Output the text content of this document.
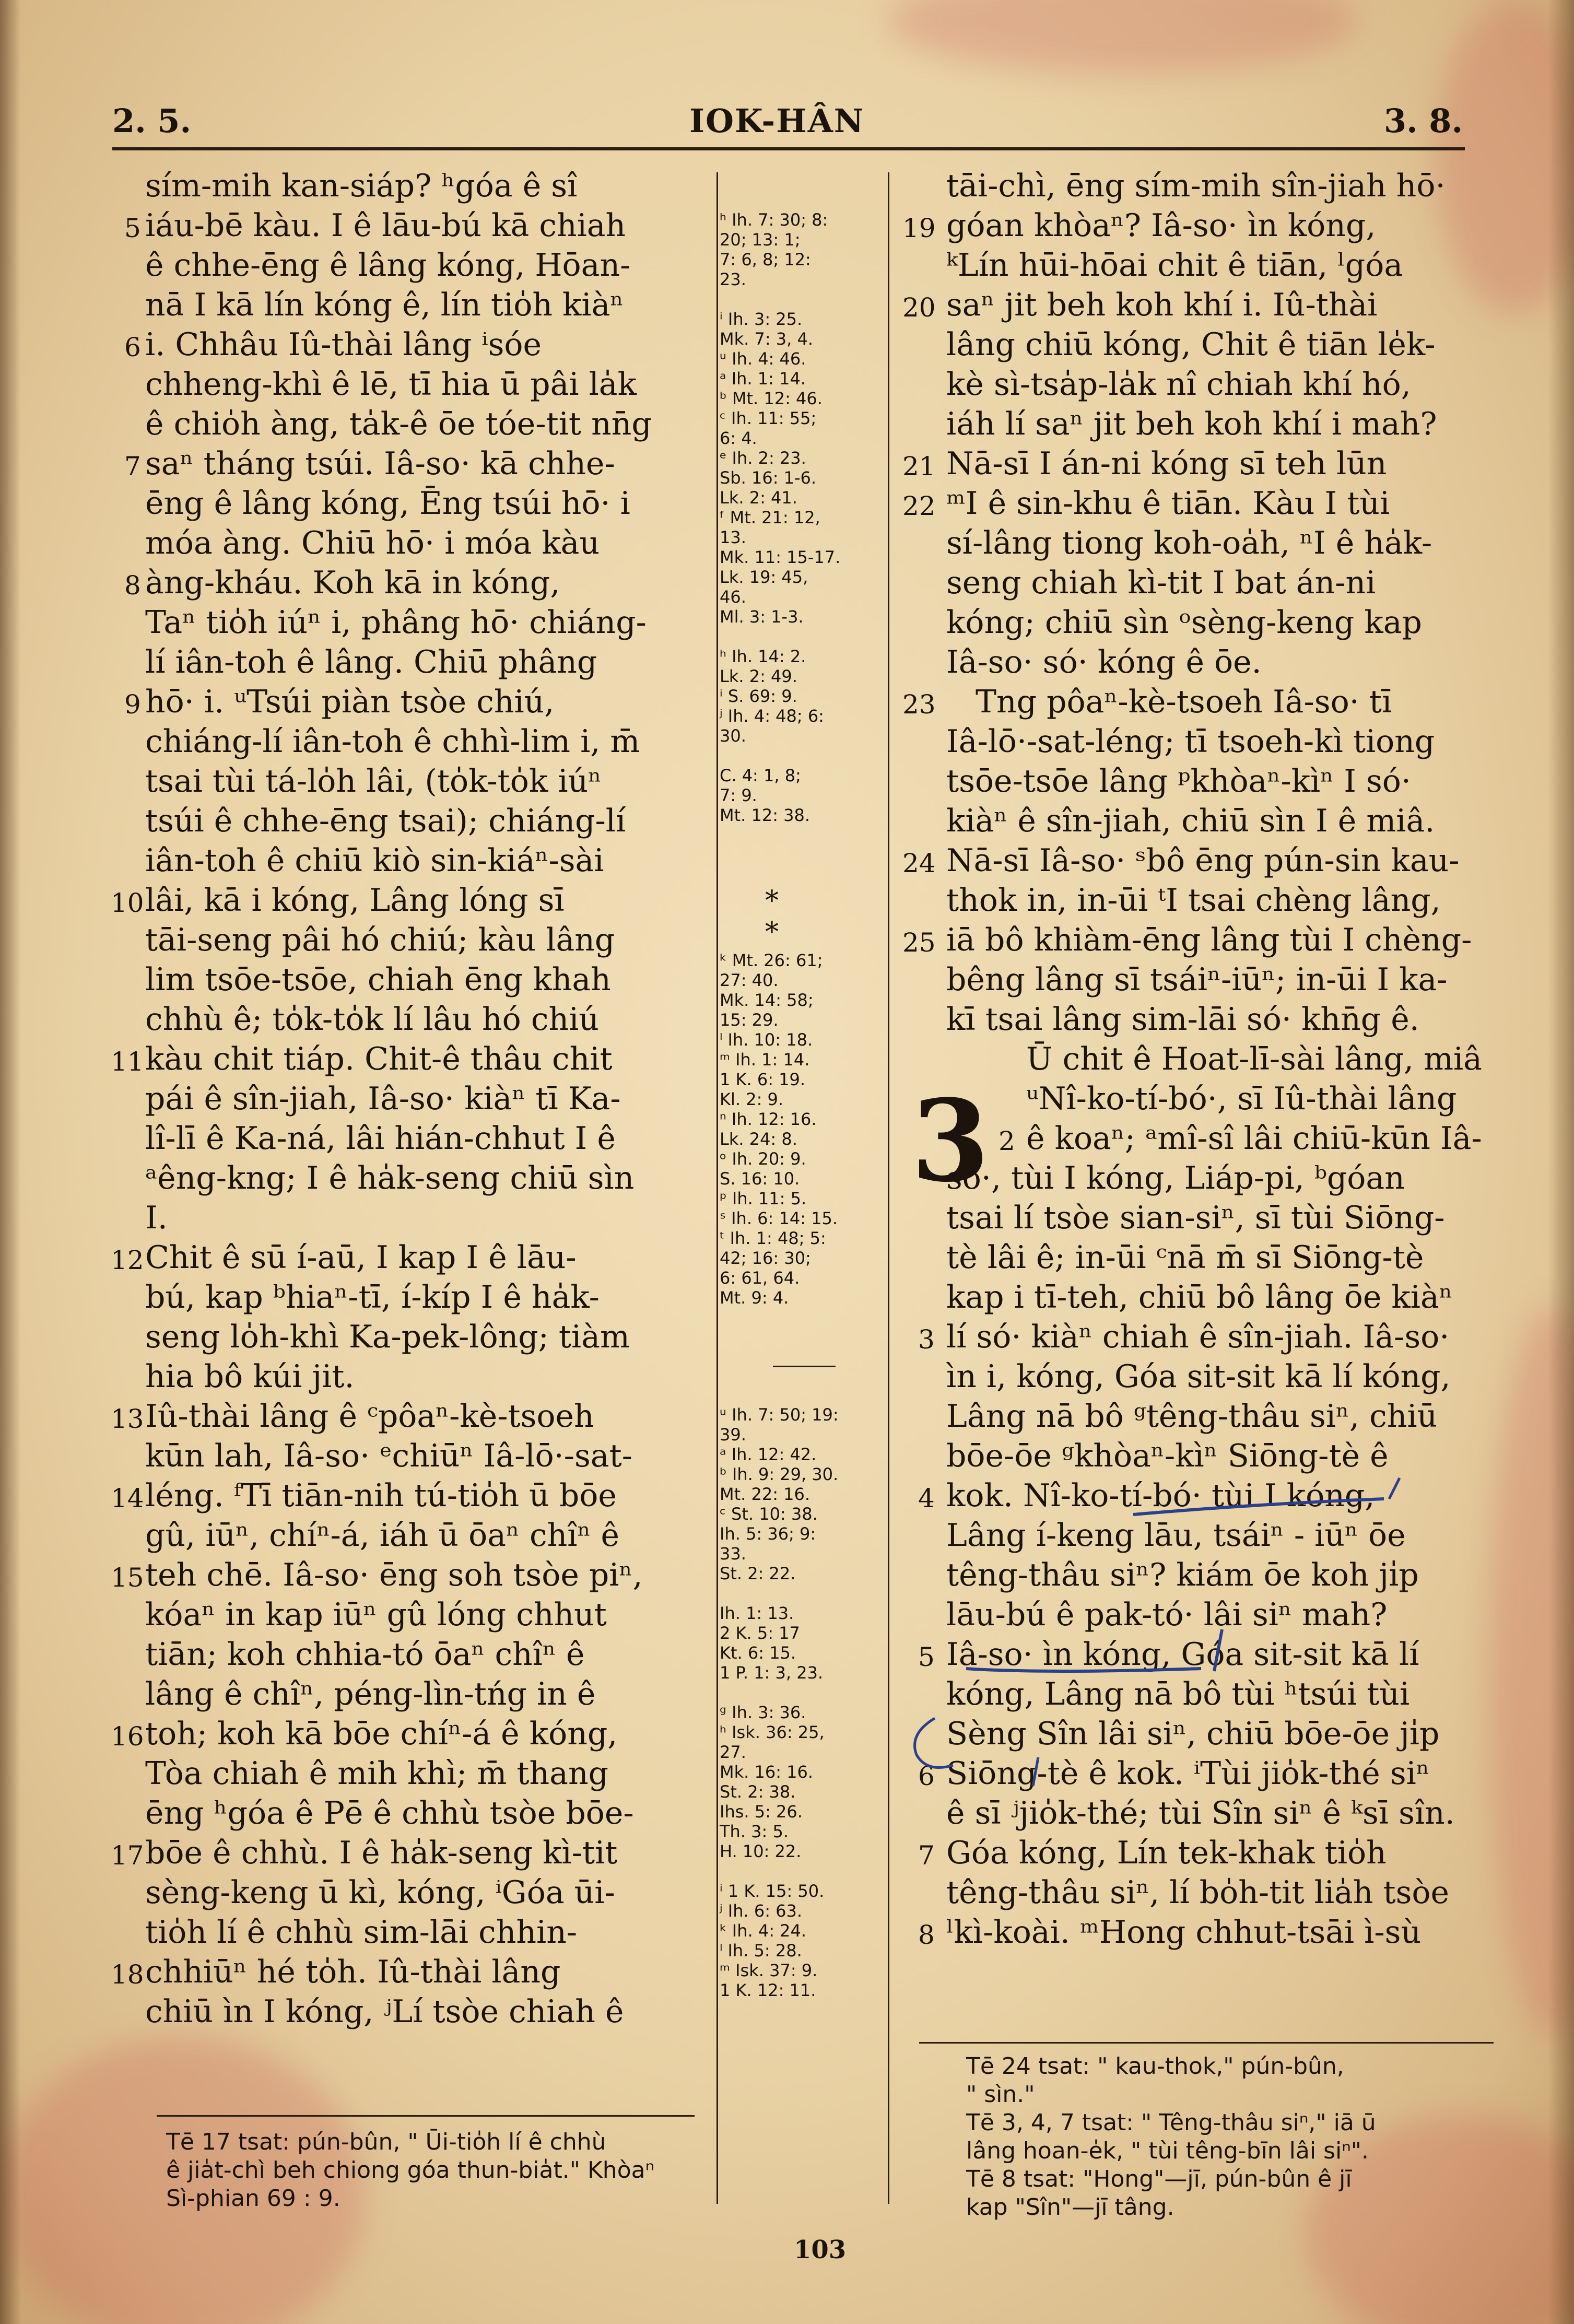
2. 5.	IOK-HÂN	3. 8.
sím-mih kan-siáp? ʰgóa ê sî
iáu-bē kàu. I ê lāu-bú kā chiah
ê chhe-ēng ê lâng kóng, Hōan-
nā I kā lín kóng ê, lín tio̍h kiàⁿ
i. Chhâu Iû-thài lâng ⁱsóe
chheng-khì ê lē, tī hia ū pâi la̍k
ê chio̍h àng, ta̍k-ê ōe tóe-tit nn̄g
saⁿ tháng tsúi. Iâ-so· kā chhe-
ēng ê lâng kóng, Ēng tsúi hō· i
móa àng. Chiū hō· i móa kàu
àng-kháu. Koh kā in kóng,
Taⁿ tio̍h iúⁿ i, phâng hō· chiáng-
lí iân-toh ê lâng. Chiū phâng
hō· i. ᵘTsúi piàn tsòe chiú,
chiáng-lí iân-toh ê chhì-lim i, m̄
tsai tùi tá-lo̍h lâi, (to̍k-to̍k iúⁿ
tsúi ê chhe-ēng tsai); chiáng-lí
iân-toh ê chiū kiò sin-kiáⁿ-sài
lâi, kā i kóng, Lâng lóng sī
tāi-seng pâi hó chiú; kàu lâng
lim tsōe-tsōe, chiah ēng khah
chhù ê; to̍k-to̍k lí lâu hó chiú
kàu chit tiáp. Chit-ê thâu chit
pái ê sîn-jiah, Iâ-so· kiàⁿ tī Ka-
lî-lī ê Ka-ná, lâi hián-chhut I ê
ᵃêng-kng; I ê ha̍k-seng chiū sìn
I.
Chit ê sū í-aū, I kap I ê lāu-
bú, kap ᵇhiaⁿ-tī, í-kíp I ê ha̍k-
seng lo̍h-khì Ka-pek-lông; tiàm
hia bô kúi jit.
Iû-thài lâng ê ᶜpôaⁿ-kè-tsoeh
kūn lah, Iâ-so· ᵉchiūⁿ Iâ-lō·-sat-
léng. ᶠTī tiān-nih tú-tio̍h ū bōe
gû, iūⁿ, chíⁿ-á, iáh ū ōaⁿ chîⁿ ê
teh chē. Iâ-so· ēng soh tsòe piⁿ,
kóaⁿ in kap iūⁿ gû lóng chhut
tiān; koh chhia-tó ōaⁿ chîⁿ ê
lâng ê chîⁿ, péng-lìn-tńg in ê
toh; koh kā bōe chíⁿ-á ê kóng,
Tòa chiah ê mih khì; m̄ thang
ēng ʰgóa ê Pē ê chhù tsòe bōe-
bōe ê chhù. I ê ha̍k-seng kì-tit
sèng-keng ū kì, kóng, ⁱGóa ūi-
tio̍h lí ê chhù sim-lāi chhin-
chhiūⁿ hé to̍h. Iû-thài lâng
chiū ìn I kóng, ʲLí tsòe chiah ê
5
6
7
8
9
10
11
12
13
14
15
16
17
18
Tē 17 tsat: pún-bûn, " Ūi-tio̍h lí ê chhù
ê jia̍t-chì beh chiong góa thun-bia̍t." Khòaⁿ
Sì-phian 69 : 9.
ʰ Ih. 7: 30; 8:
20; 13: 1;
7: 6, 8; 12:
23.
ⁱ Ih. 3: 25.
Mk. 7: 3, 4.
ᵘ Ih. 4: 46.
ᵃ Ih. 1: 14.
ᵇ Mt. 12: 46.
ᶜ Ih. 11: 55;
6: 4.
ᵉ Ih. 2: 23.
Sb. 16: 1-6.
Lk. 2: 41.
ᶠ Mt. 21: 12,
13.
Mk. 11: 15-17.
Lk. 19: 45,
46.
Ml. 3: 1-3.
ʰ Ih. 14: 2.
Lk. 2: 49.
ⁱ S. 69: 9.
ʲ Ih. 4: 48; 6:
30.
C. 4: 1, 8;
7: 9.
Mt. 12: 38.
* *
ᵏ Mt. 26: 61;
27: 40.
Mk. 14: 58;
15: 29.
ˡ Ih. 10: 18.
ᵐ Ih. 1: 14.
1 K. 6: 19.
Kl. 2: 9.
ⁿ Ih. 12: 16.
Lk. 24: 8.
ᵒ Ih. 20: 9.
S. 16: 10.
ᵖ Ih. 11: 5.
ˢ Ih. 6: 14: 15.
ᵗ Ih. 1: 48; 5:
42; 16: 30;
6: 61, 64.
Mt. 9: 4.
ᵘ Ih. 7: 50; 19:
39.
ᵃ Ih. 12: 42.
ᵇ Ih. 9: 29, 30.
Mt. 22: 16.
ᶜ St. 10: 38.
Ih. 5: 36; 9:
33.
St. 2: 22.
Ih. 1: 13.
2 K. 5: 17
Kt. 6: 15.
1 P. 1: 3, 23.
ᵍ Ih. 3: 36.
ʰ Isk. 36: 25,
27.
Mk. 16: 16.
St. 2: 38.
Ihs. 5: 26.
Th. 3: 5.
H. 10: 22.
ⁱ 1 K. 15: 50.
ʲ Ih. 6: 63.
ᵏ Ih. 4: 24.
ˡ Ih. 5: 28.
ᵐ Isk. 37: 9.
1 K. 12: 11.
tāi-chì, ēng sím-mih sîn-jiah hō·
góan khòaⁿ? Iâ-so· ìn kóng,
ᵏLín hūi-hōai chit ê tiān, ˡgóa
saⁿ jit beh koh khí i. Iû-thài
lâng chiū kóng, Chit ê tiān le̍k-
kè sì-tsa̍p-la̍k nî chiah khí hó,
iáh lí saⁿ jit beh koh khí i mah?
Nā-sī I án-ni kóng sī teh lūn
ᵐI ê sin-khu ê tiān. Kàu I tùi
sí-lâng tiong koh-oa̍h, ⁿI ê ha̍k-
seng chiah kì-tit I bat án-ni
kóng; chiū sìn ᵒsèng-keng kap
Iâ-so· só· kóng ê ōe.
Tng pôaⁿ-kè-tsoeh Iâ-so· tī
Iâ-lō·-sat-léng; tī tsoeh-kì tiong
tsōe-tsōe lâng ᵖkhòaⁿ-kìⁿ I só·
kiàⁿ ê sîn-jiah, chiū sìn I ê miâ.
Nā-sī Iâ-so· ˢbô ēng pún-sin kau-
thok in, in-ūi ᵗI tsai chèng lâng,
iā bô khiàm-ēng lâng tùi I chèng-
bêng lâng sī tsáiⁿ-iūⁿ; in-ūi I ka-
kī tsai lâng sim-lāi só· khn̄g ê.
Ū chit ê Hoat-lī-sài lâng, miâ
ᵘNî-ko-tí-bó·, sī Iû-thài lâng
ê koaⁿ; ᵃmî-sî lâi chiū-kūn Iâ-
so·, tùi I kóng, Liáp-pi, ᵇgóan
tsai lí tsòe sian-siⁿ, sī tùi Siōng-
tè lâi ê; in-ūi ᶜnā m̄ sī Siōng-tè
kap i tī-teh, chiū bô lâng ōe kiàⁿ
lí só· kiàⁿ chiah ê sîn-jiah. Iâ-so·
ìn i, kóng, Góa sit-sit kā lí kóng,
Lâng nā bô ᵍtêng-thâu siⁿ, chiū
bōe-ōe ᵍkhòaⁿ-kìⁿ Siōng-tè ê
kok. Nî-ko-tí-bó· tùi I kóng,
Lâng í-keng lāu, tsáiⁿ - iūⁿ ōe
têng-thâu siⁿ? kiám ōe koh ji̍p
lāu-bú ê pak-tó· lâi siⁿ mah?
Iâ-so· ìn kóng, Góa sit-sit kā lí
kóng, Lâng nā bô tùi ʰtsúi tùi
Sèng Sîn lâi siⁿ, chiū bōe-ōe ji̍p
Siōng-tè ê kok. ⁱTùi jio̍k-thé siⁿ
ê sī ʲjio̍k-thé; tùi Sîn siⁿ ê ᵏsī sîn.
Góa kóng, Lín tek-khak tio̍h
têng-thâu siⁿ, lí bo̍h-tit lia̍h tsòe
ˡkì-koài. ᵐHong chhut-tsāi ì-sù
19
20
21
22
23
24
25
2
3
4
5
6
7
8
Tē 24 tsat: " kau-thok," pún-bûn,
" sìn."
Tē 3, 4, 7 tsat: " Têng-thâu siⁿ," iā ū
lâng hoan-e̍k, " tùi têng-bīn lâi siⁿ".
Tē 8 tsat: "Hong"—jī, pún-bûn ê jī
kap "Sîn"—jī tâng.
3
103
